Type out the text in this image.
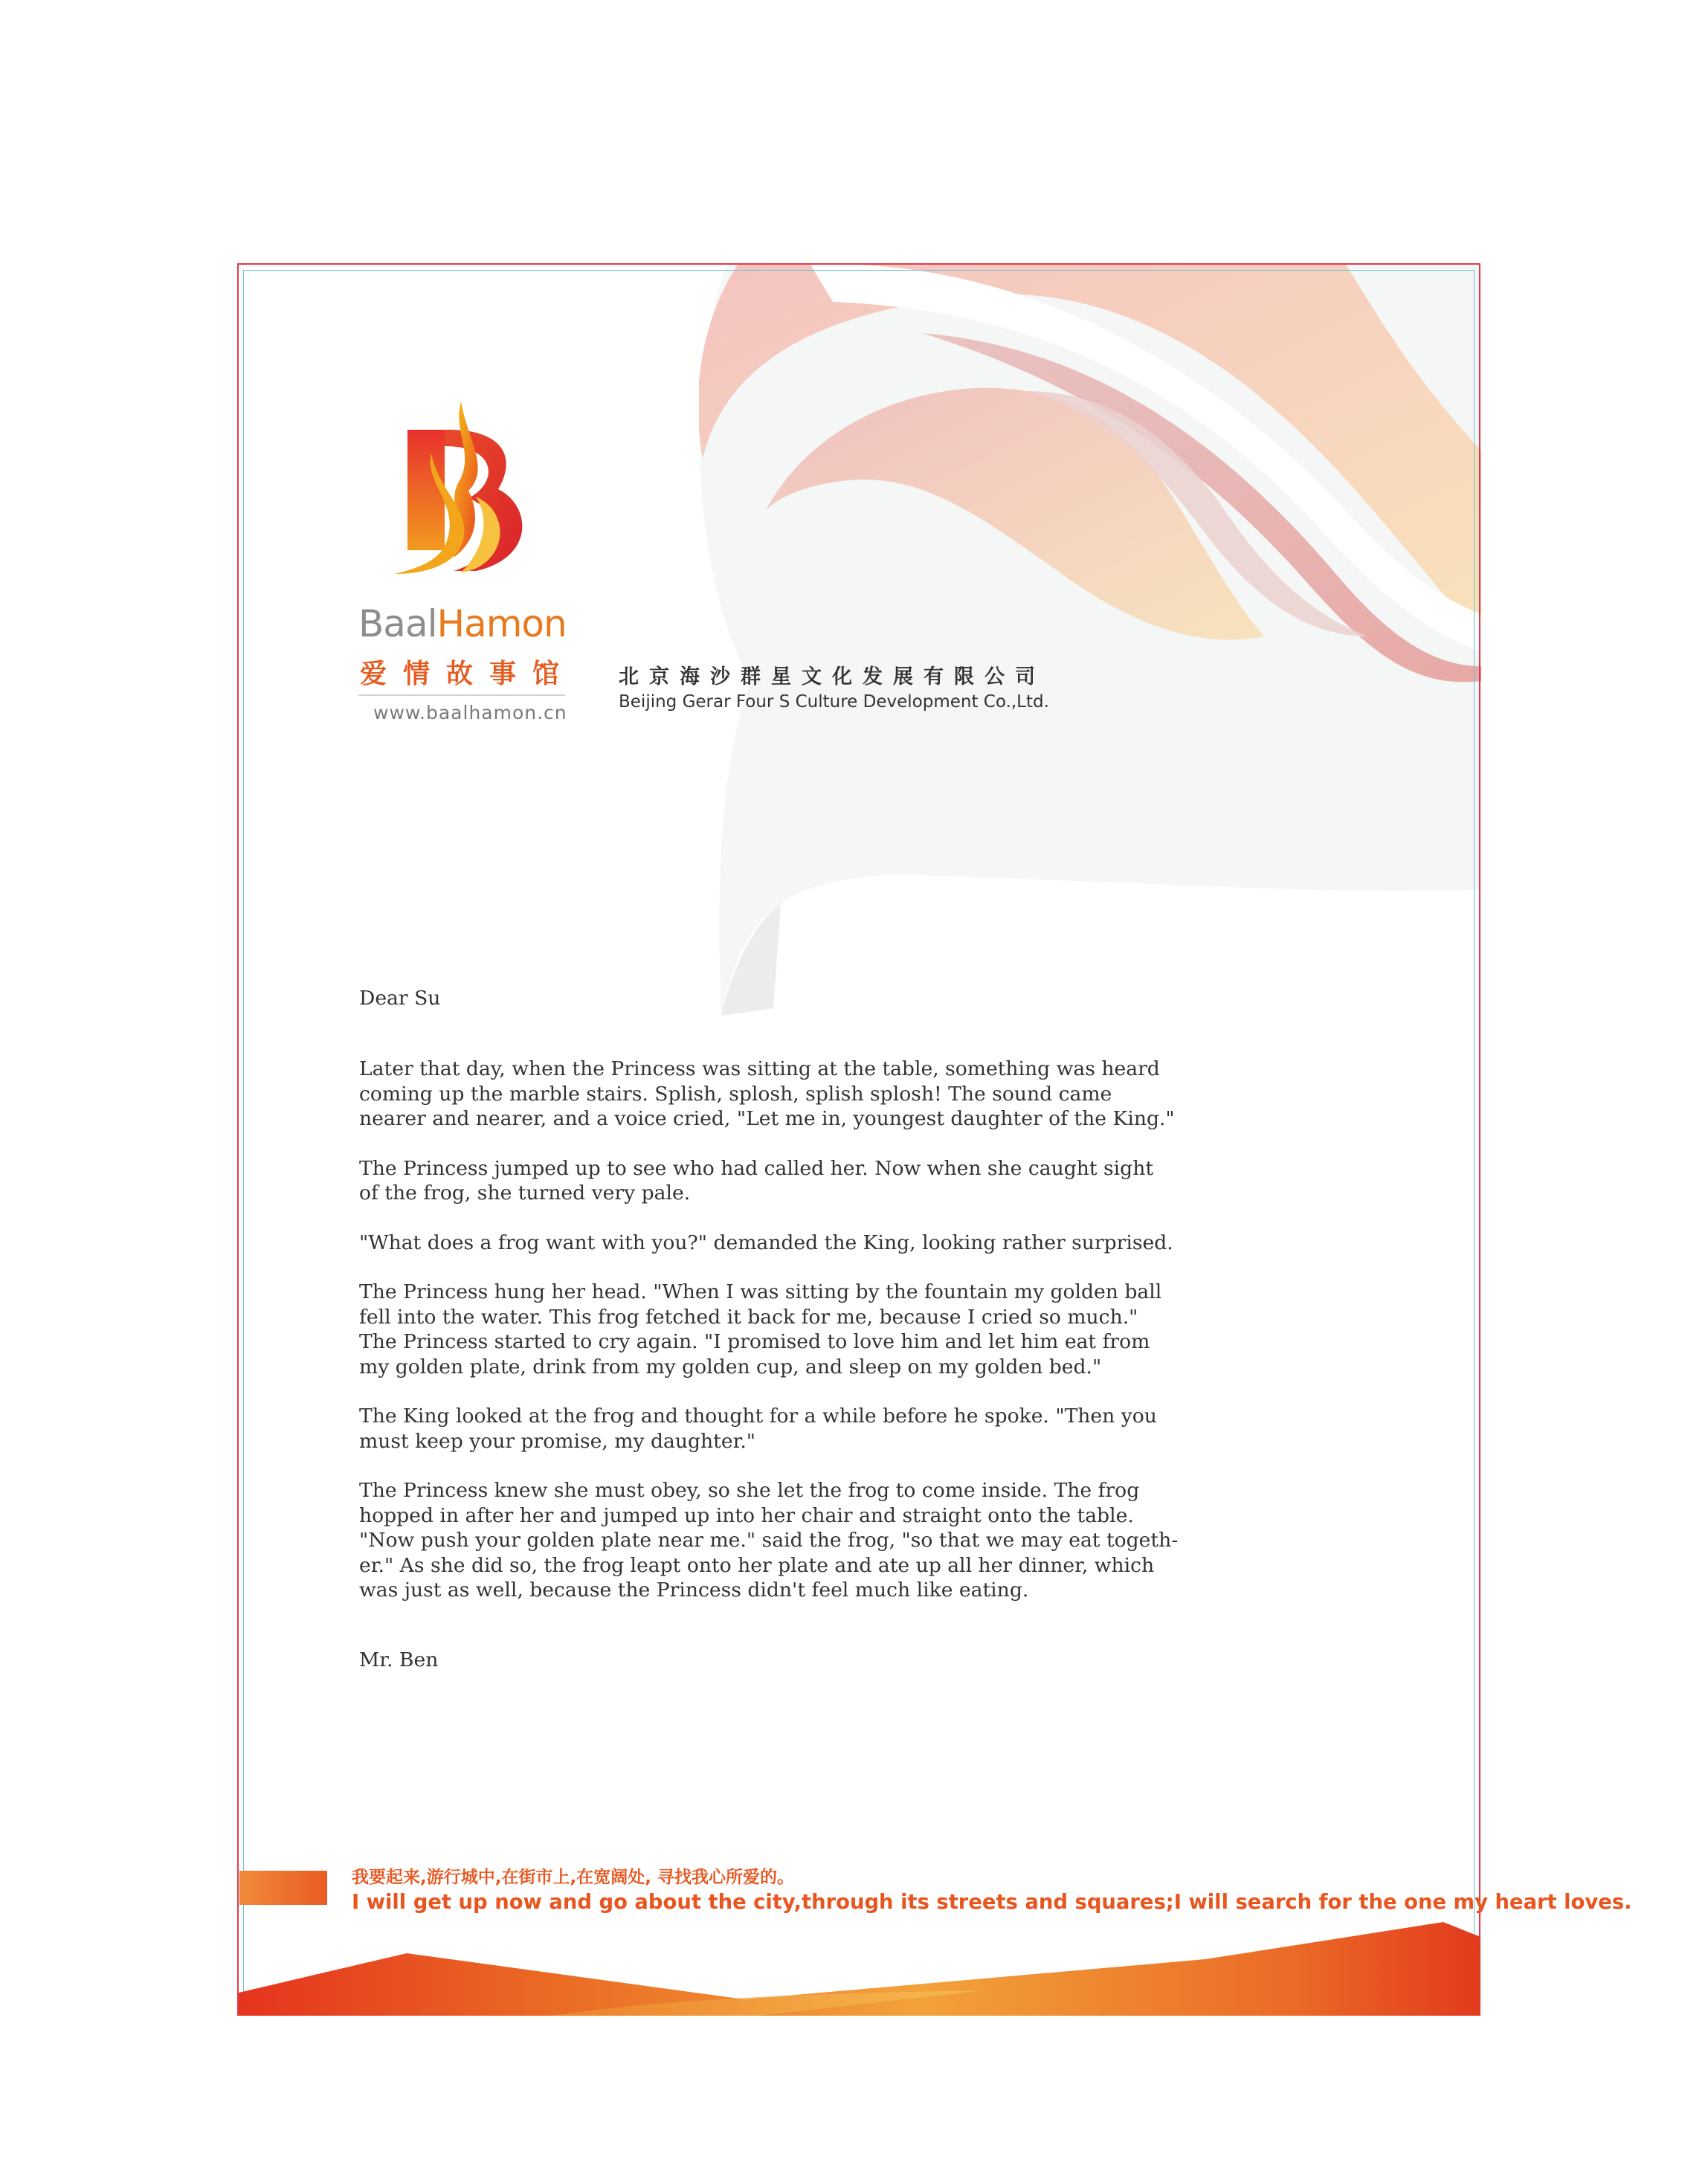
BaalHamon
爱情故事馆
www.baalhamon.cn
北京海沙群星文化发展有限公司
Beijing Gerar Four S Culture Development Co.,Ltd.

Dear Su

Later that day, when the Princess was sitting at the table, something was heard
coming up the marble stairs. Splish, splosh, splish splosh! The sound came
nearer and nearer, and a voice cried, "Let me in, youngest daughter of the King."

The Princess jumped up to see who had called her. Now when she caught sight
of the frog, she turned very pale.

"What does a frog want with you?" demanded the King, looking rather surprised.

The Princess hung her head. "When I was sitting by the fountain my golden ball
fell into the water. This frog fetched it back for me, because I cried so much."
The Princess started to cry again. "I promised to love him and let him eat from
my golden plate, drink from my golden cup, and sleep on my golden bed."

The King looked at the frog and thought for a while before he spoke. "Then you
must keep your promise, my daughter."

The Princess knew she must obey, so she let the frog to come inside. The frog
hopped in after her and jumped up into her chair and straight onto the table.
"Now push your golden plate near me." said the frog, "so that we may eat togeth-
er." As she did so, the frog leapt onto her plate and ate up all her dinner, which
was just as well, because the Princess didn't feel much like eating.

Mr. Ben

我要起来,游行城中,在街市上,在宽阔处, 寻找我心所爱的。
I will get up now and go about the city,through its streets and squares;I will search for the one my heart loves.
